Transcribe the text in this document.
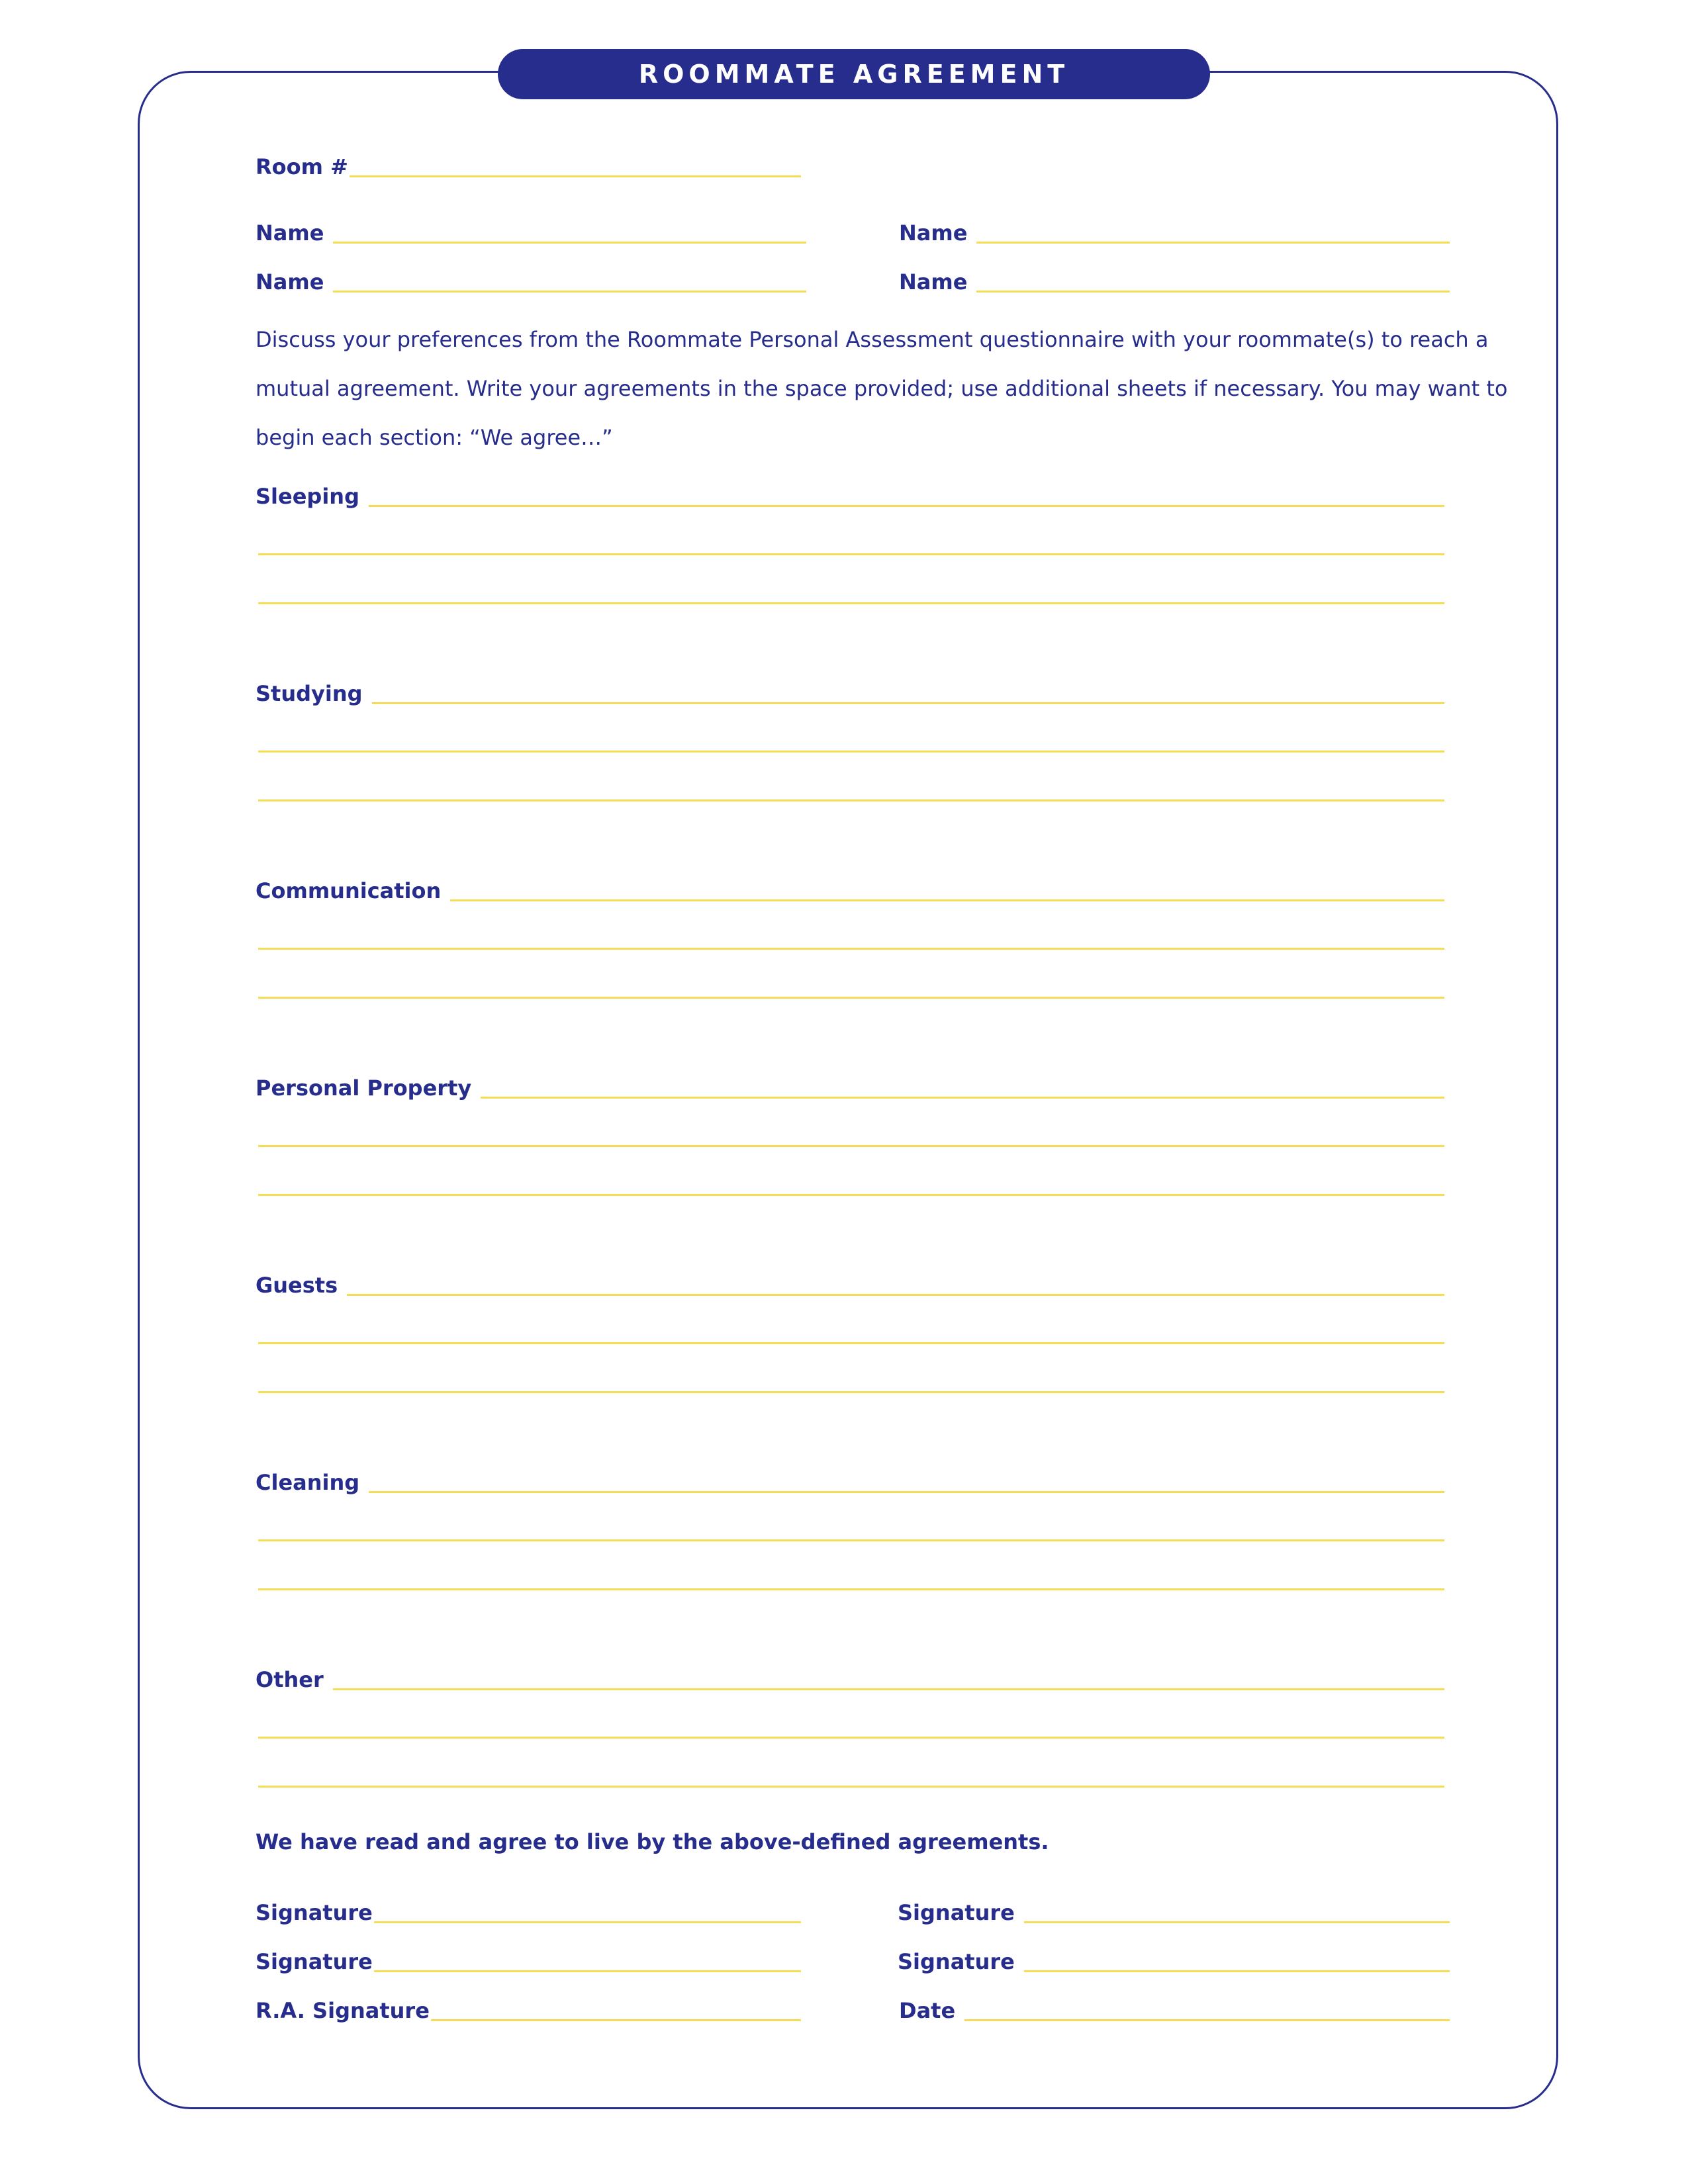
ROOMMATE AGREEMENT
Room #
Name	Name
Name	Name

Discuss your preferences from the Roommate Personal Assessment questionnaire with your roommate(s) to reach a

mutual agreement. Write your agreements in the space provided; use additional sheets if necessary. You may want to

begin each section: “We agree…”

Sleeping
Studying
Communication
Personal Property
Guests
Cleaning
Other
We have read and agree to live by the above-defined agreements.
Signature	Signature
Signature	Signature
R.A. Signature	Date
